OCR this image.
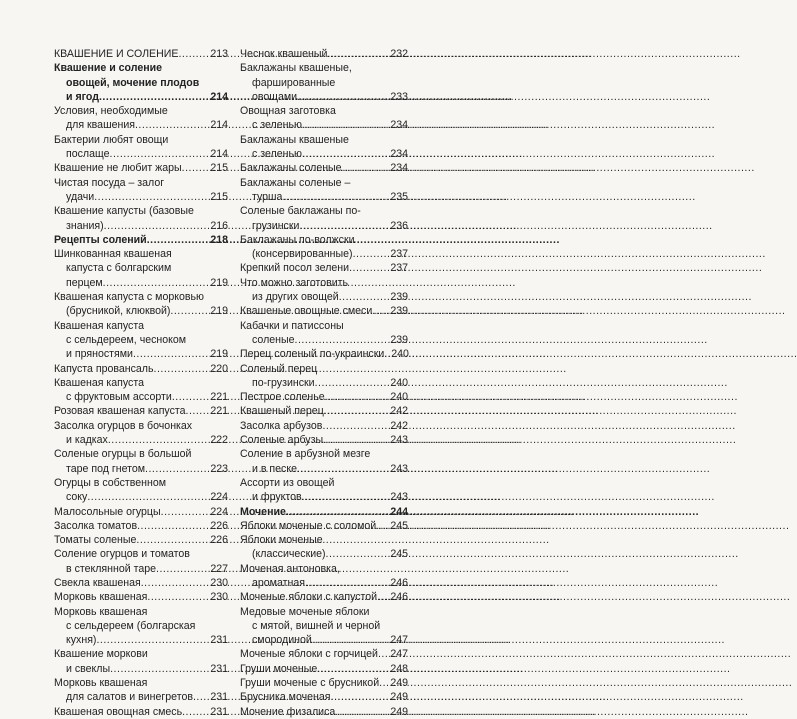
КВАШЕНИЕ И СОЛЕНИЕ .....	213
Квашение и соление
овощей, мочение плодов
и ягод .....	214
Условия, необходимые
для квашения .....	214
Бактерии любят овощи
послаще .....	214
Квашение не любит жары .....	215
Чистая посуда – залог
удачи .....	215
Квашение капусты (базовые
знания) .....	216
Рецепты солений .....	218
Шинкованная квашеная
капуста с болгарским
перцем .....	219
Квашеная капуста с морковью
(брусникой, клюквой) .....	219
Квашеная капуста
с сельдереем, чесноком
и пряностями .....	219
Капуста провансаль .....	220
Квашеная капуста
с фруктовым ассорти .....	221
Розовая квашеная капуста ..... 221
Засолка огурцов в бочонках
и кадках .....	222
Соленые огурцы в большой
таре под гнетом .....	223
Огурцы в собственном
соку .....	224
Малосольные огурцы .....	224
Засолка томатов .....	226
Томаты соленые .....	226
Соление огурцов и томатов
в стеклянной таре .....	227
Свекла квашеная .....	230
Морковь квашеная .....	230
Морковь квашеная
с сельдереем (болгарская
кухня) .....	231
Квашение моркови
и свеклы .....	231
Морковь квашеная
для салатов и винегретов ..... 231
Квашеная овощная смесь .....	231
Чеснок квашеный .....	232
Баклажаны квашеные,
фаршированные
овощами .....	233
Овощная заготовка
с зеленью .....	234
Баклажаны квашеные
с зеленью .....	234
Баклажаны соленые .....	234
Баклажаны соленые –
турша .....	235
Соленые баклажаны по-
грузински .....	236
Баклажаны по-волжски
(консервированные) .....	237
Крепкий посол зелени .....	237
Что можно заготовить
из других овощей .....	239
Квашеные овощные смеси ..... 239
Кабачки и патиссоны
соленые .....	239
Перец соленый по-украински ..... 240
Соленый перец
по-грузински .....	240
Пестрое соленье .....	240
Квашеный перец .....	242
Засолка арбузов .....	242
Соленые арбузы .....	243
Соление в арбузной мезге
и в песке .....	243
Ассорти из овощей
и фруктов .....	243
Мочение .....	244
Яблоки моченые с соломой ..... 245
Яблоки моченые
(классические) .....	245
Моченая антоновка,
ароматная .....	246
Моченые яблоки с капустой ..... 246
Медовые моченые яблоки
с мятой, вишней и черной
смородиной .....	247
Моченые яблоки с горчицей ..... 247
Груши моченые .....	248
Груши моченые с брусникой ..... 249
Брусника моченая .....	249
Мочение физалиса .....	249
